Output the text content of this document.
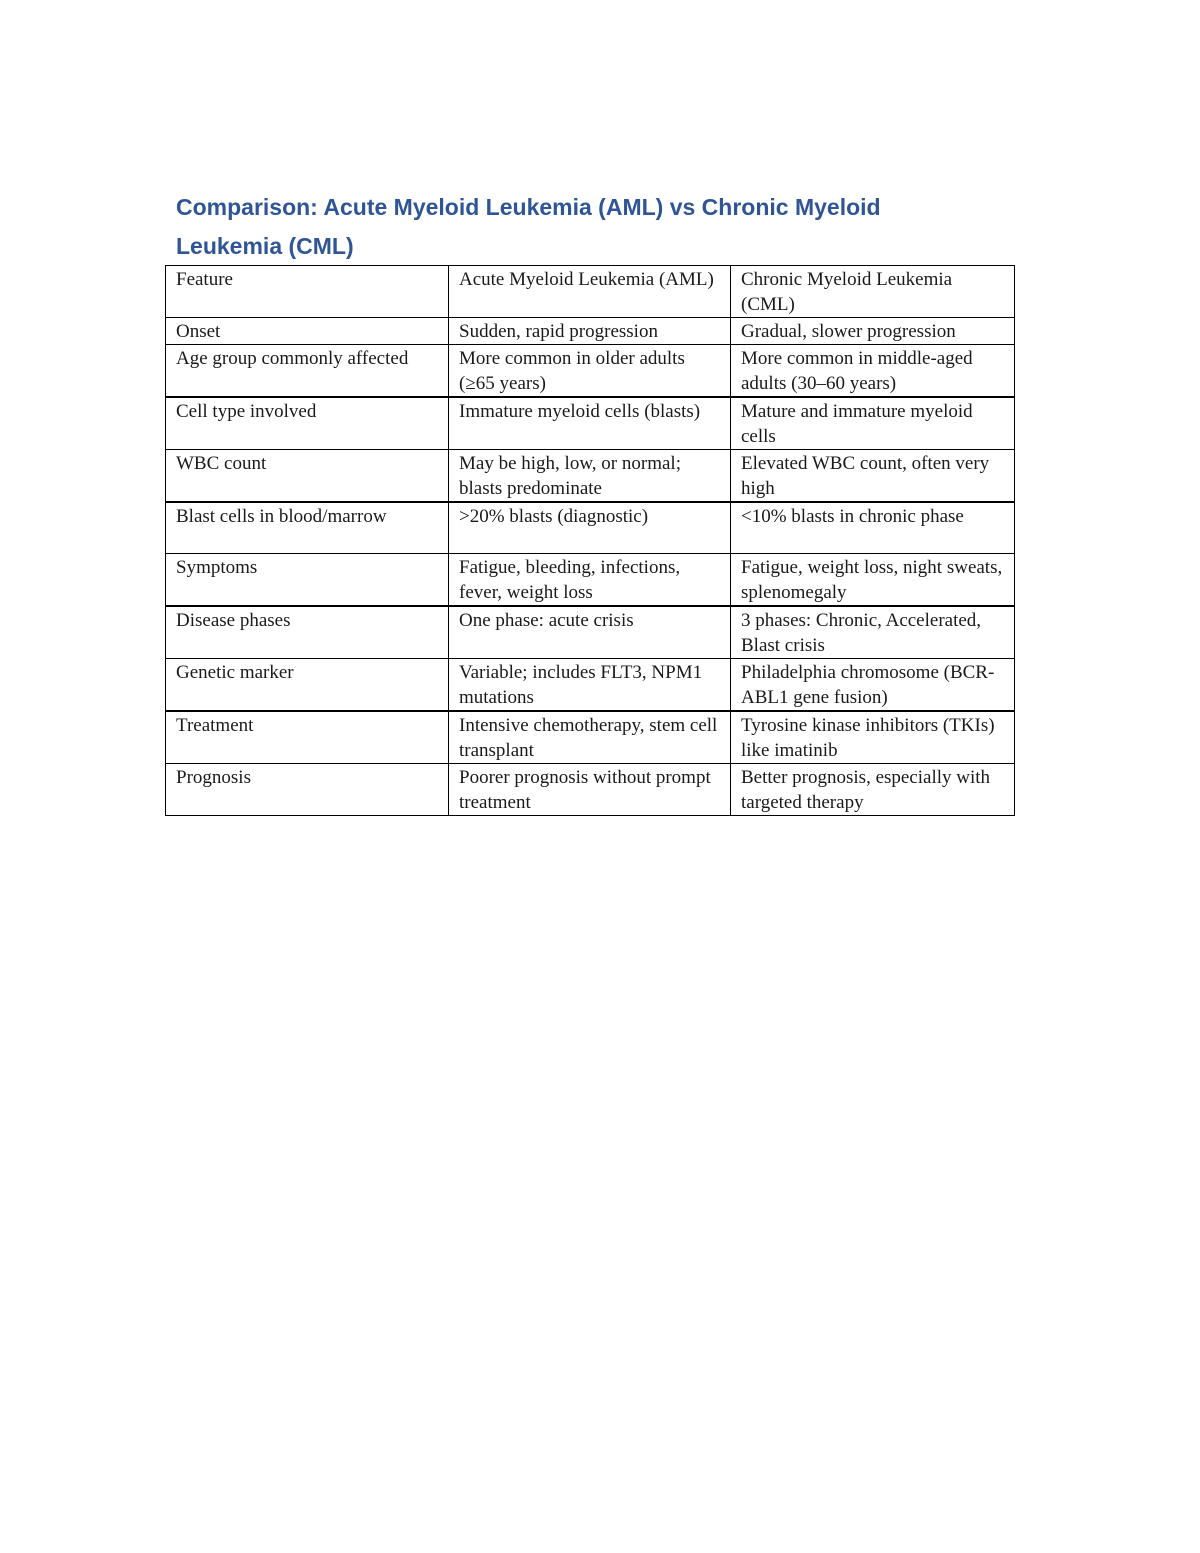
Comparison: Acute Myeloid Leukemia (AML) vs Chronic Myeloid Leukemia (CML)
Feature	Acute Myeloid Leukemia (AML)	Chronic Myeloid Leukemia (CML)

Onset	Sudden, rapid progression	Gradual, slower progression

Age group commonly affected	More common in older adults (≥65 years)	More common in middle-aged adults (30–60 years)

Cell type involved	Immature myeloid cells (blasts)	Mature and immature myeloid cells

WBC count	May be high, low, or normal; blasts predominate	Elevated WBC count, often very high

Blast cells in blood/marrow	>20% blasts (diagnostic)	<10% blasts in chronic phase

Symptoms	Fatigue, bleeding, infections, fever, weight loss	Fatigue, weight loss, night sweats, splenomegaly

Disease phases	One phase: acute crisis	3 phases: Chronic, Accelerated, Blast crisis

Genetic marker	Variable; includes FLT3, NPM1 mutations	Philadelphia chromosome (BCR-ABL1 gene fusion)

Treatment	Intensive chemotherapy, stem cell transplant	Tyrosine kinase inhibitors (TKIs) like imatinib

Prognosis	Poorer prognosis without prompt treatment	Better prognosis, especially with targeted therapy
